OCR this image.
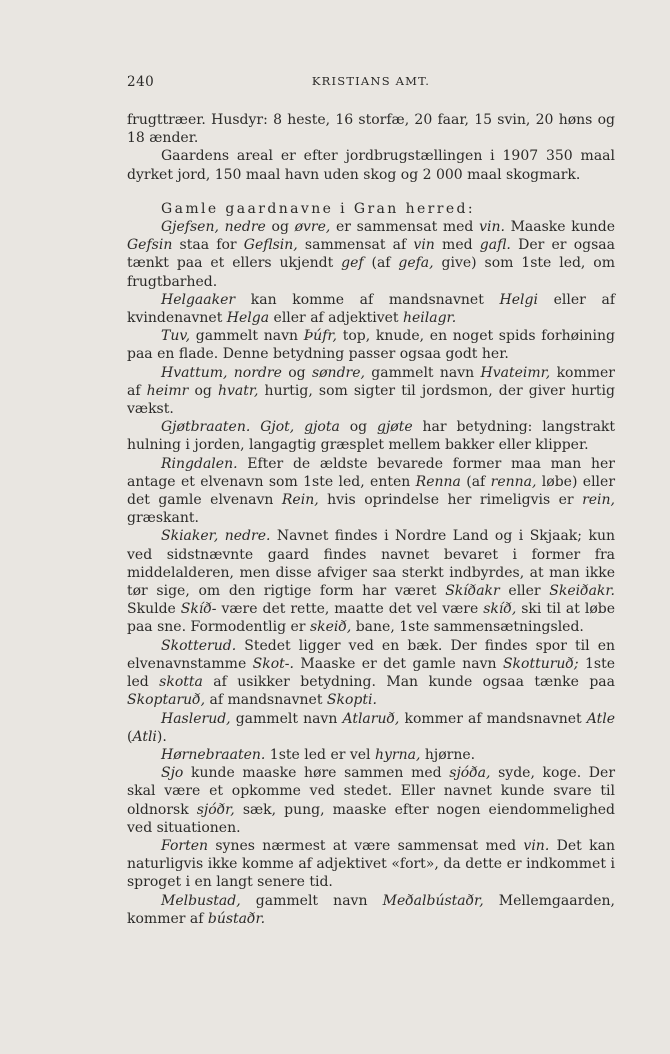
240	KRISTIANS AMT.

frugttræer. Husdyr: 8 heste, 16 storfæ, 20 faar, 15 svin, 20 høns og 18 ænder.

Gaardens areal er efter jordbrugstællingen i 1907 350 maal dyrket jord, 150 maal havn uden skog og 2 000 maal skogmark.

Gamle gaardnavne i Gran herred:

Gjefsen, nedre og øvre, er sammensat med vin. Maaske kunde Gefsin staa for Geflsin, sammensat af vin med gafl. Der er ogsaa tænkt paa et ellers ukjendt gef (af gefa, give) som 1ste led, om frugtbarhed.

Helgaaker kan komme af mandsnavnet Helgi eller af kvindenavnet Helga eller af adjektivet heilagr.

Tuv, gammelt navn Þúfr, top, knude, en noget spids forhøining paa en flade. Denne betydning passer ogsaa godt her.

Hvattum, nordre og søndre, gammelt navn Hvateimr, kommer af heimr og hvatr, hurtig, som sigter til jordsmon, der giver hurtig vækst.

Gjøtbraaten. Gjot, gjota og gjøte har betydning: langstrakt hulning i jorden, langagtig græsplet mellem bakker eller klipper.

Ringdalen. Efter de ældste bevarede former maa man her antage et elvenavn som 1ste led, enten Renna (af renna, løbe) eller det gamle elvenavn Rein, hvis oprindelse her rimeligvis er rein, græskant.

Skiaker, nedre. Navnet findes i Nordre Land og i Skjaak; kun ved sidstnævnte gaard findes navnet bevaret i former fra middelalderen, men disse afviger saa sterkt indbyrdes, at man ikke tør sige, om den rigtige form har været Skíðakr eller Skeiðakr. Skulde Skíð- være det rette, maatte det vel være skíð, ski til at løbe paa sne. Formodentlig er skeið, bane, 1ste sammensætningsled.

Skotterud. Stedet ligger ved en bæk. Der findes spor til en elvenavnstamme Skot-. Maaske er det gamle navn Skotturuð; 1ste led skotta af usikker betydning. Man kunde ogsaa tænke paa Skoptaruð, af mandsnavnet Skopti.

Haslerud, gammelt navn Atlaruð, kommer af mandsnavnet Atle (Atli).

Hørnebraaten. 1ste led er vel hyrna, hjørne.

Sjo kunde maaske høre sammen med sjóða, syde, koge. Der skal være et opkomme ved stedet. Eller navnet kunde svare til oldnorsk sjóðr, sæk, pung, maaske efter nogen eiendommelighed ved situationen.

Forten synes nærmest at være sammensat med vin. Det kan naturligvis ikke komme af adjektivet «fort», da dette er indkommet i sproget i en langt senere tid.

Melbustad, gammelt navn Meðalbústaðr, Mellemgaarden, kommer af bústaðr.
